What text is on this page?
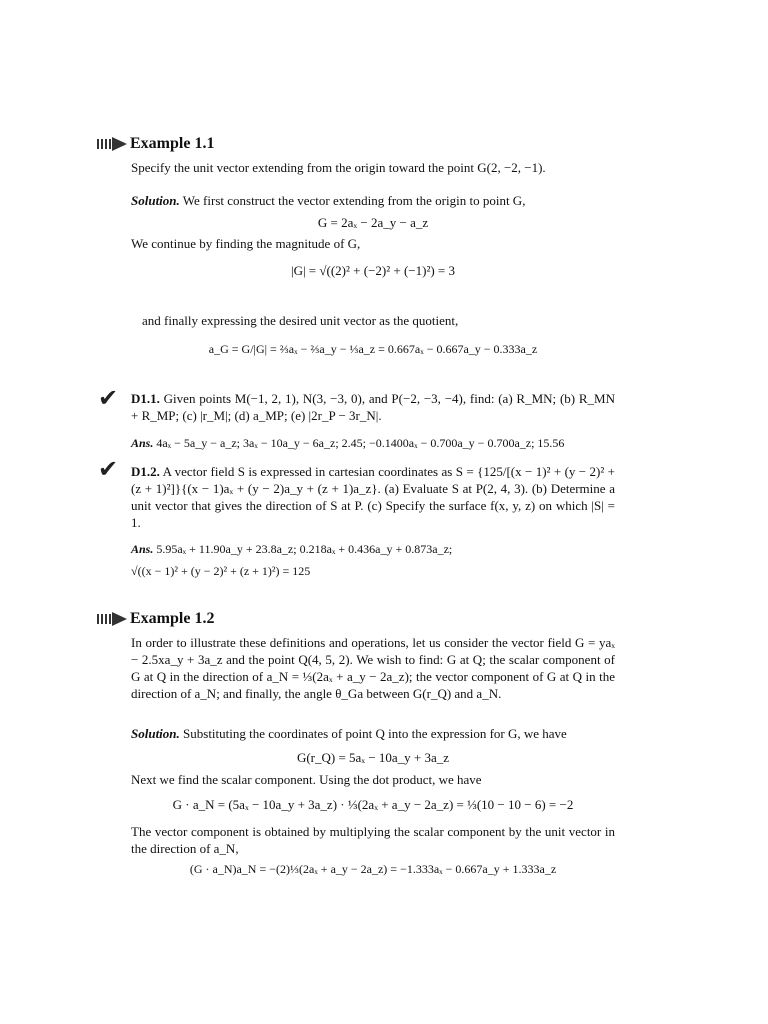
Example 1.1
Specify the unit vector extending from the origin toward the point G(2, −2, −1).
Solution. We first construct the vector extending from the origin to point G,
G = 2aₓ − 2a_y − a_z
We continue by finding the magnitude of G,
|G| = √((2)² + (−2)² + (−1)²) = 3
and finally expressing the desired unit vector as the quotient,
a_G = G/|G| = ⅔aₓ − ⅔a_y − ⅓a_z = 0.667aₓ − 0.667a_y − 0.333a_z
✔ D1.1. Given points M(−1, 2, 1), N(3, −3, 0), and P(−2, −3, −4), find: (a) R_MN; (b) R_MN + R_MP; (c) |r_M|; (d) a_MP; (e) |2r_P − 3r_N|.
Ans. 4aₓ − 5a_y − a_z; 3aₓ − 10a_y − 6a_z; 2.45; −0.1400aₓ − 0.700a_y − 0.700a_z; 15.56
✔ D1.2. A vector field S is expressed in cartesian coordinates as S = {125/[(x − 1)² + (y − 2)² + (z + 1)²]}{(x − 1)aₓ + (y − 2)a_y + (z + 1)a_z}. (a) Evaluate S at P(2, 4, 3). (b) Determine a unit vector that gives the direction of S at P. (c) Specify the surface f(x, y, z) on which |S| = 1.
Ans. 5.95aₓ + 11.90a_y + 23.8a_z; 0.218aₓ + 0.436a_y + 0.873a_z;
√((x − 1)² + (y − 2)² + (z + 1)²) = 125
Example 1.2
In order to illustrate these definitions and operations, let us consider the vector field G = yaₓ − 2.5xa_y + 3a_z and the point Q(4, 5, 2). We wish to find: G at Q; the scalar component of G at Q in the direction of a_N = ⅓(2aₓ + a_y − 2a_z); the vector component of G at Q in the direction of a_N; and finally, the angle θ_Ga between G(r_Q) and a_N.
Solution. Substituting the coordinates of point Q into the expression for G, we have
G(r_Q) = 5aₓ − 10a_y + 3a_z
Next we find the scalar component. Using the dot product, we have
G · a_N = (5aₓ − 10a_y + 3a_z) · ⅓(2aₓ + a_y − 2a_z) = ⅓(10 − 10 − 6) = −2
The vector component is obtained by multiplying the scalar component by the unit vector in the direction of a_N,
(G · a_N)a_N = −(2)⅓(2aₓ + a_y − 2a_z) = −1.333aₓ − 0.667a_y + 1.333a_z
